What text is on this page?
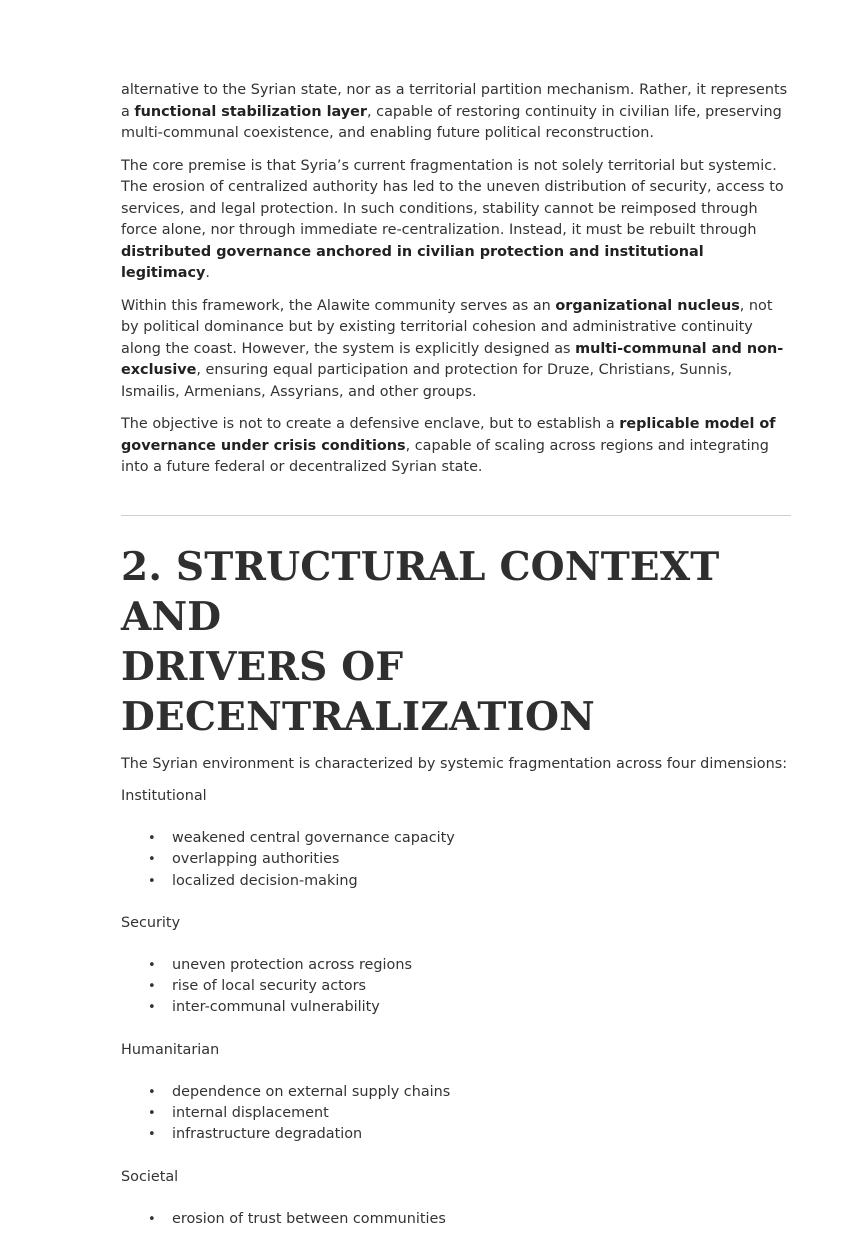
alternative to the Syrian state, nor as a territorial partition mechanism. Rather, it represents a functional stabilization layer, capable of restoring continuity in civilian life, preserving multi-communal coexistence, and enabling future political reconstruction.

The core premise is that Syria’s current fragmentation is not solely territorial but systemic. The erosion of centralized authority has led to the uneven distribution of security, access to services, and legal protection. In such conditions, stability cannot be reimposed through force alone, nor through immediate re-centralization. Instead, it must be rebuilt through distributed governance anchored in civilian protection and institutional legitimacy.

Within this framework, the Alawite community serves as an organizational nucleus, not by political dominance but by existing territorial cohesion and administrative continuity along the coast. However, the system is explicitly designed as multi-communal and non-exclusive, ensuring equal participation and protection for Druze, Christians, Sunnis, Ismailis, Armenians, Assyrians, and other groups.

The objective is not to create a defensive enclave, but to establish a replicable model of governance under crisis conditions, capable of scaling across regions and integrating into a future federal or decentralized Syrian state.

2. STRUCTURAL CONTEXT AND
DRIVERS OF DECENTRALIZATION

The Syrian environment is characterized by systemic fragmentation across four dimensions:

Institutional

• weakened central governance capacity
• overlapping authorities
• localized decision-making

Security

• uneven protection across regions
• rise of local security actors
• inter-communal vulnerability

Humanitarian

• dependence on external supply chains
• internal displacement
• infrastructure degradation

Societal

• erosion of trust between communities
